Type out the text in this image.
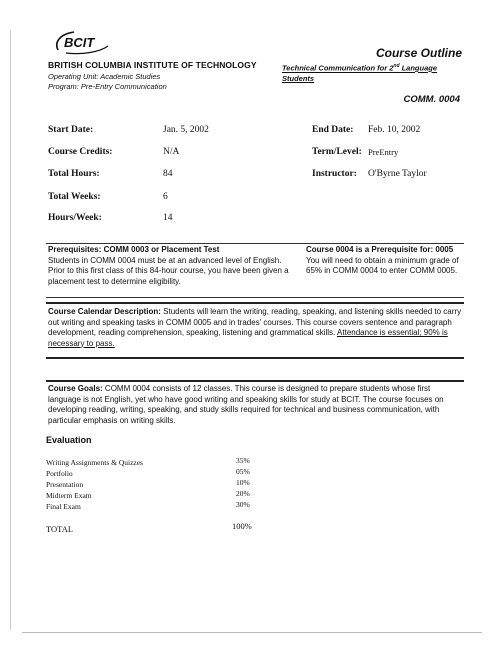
BCIT
BRITISH COLUMBIA INSTITUTE OF TECHNOLOGY
Operating Unit: Academic Studies
Program: Pre-Entry Communication
Course Outline
Technical Communication for 2nd Language
Students
COMM. 0004
Start Date:	Jan. 5, 2002	End Date: Feb. 10, 2002
Course Credits:	N/A	Term/Level: PreEntry
Total Hours:	84	Instructor: O'Byrne Taylor
Total Weeks:	6
Hours/Week:	14
Prerequisites: COMM 0003 or Placement Test
Students in COMM 0004 must be at an advanced level of English. Prior to this first class of this 84-hour course, you have been given a placement test to determine eligibility.
Course 0004 is a Prerequisite for: 0005
You will need to obtain a minimum grade of 65% in COMM 0004 to enter COMM 0005.
Course Calendar Description: Students will learn the writing, reading, speaking, and listening skills needed to carry out writing and speaking tasks in COMM 0005 and in trades' courses. This course covers sentence and paragraph development, reading comprehension, speaking, listening and grammatical skills. Attendance is essential; 90% is necessary to pass.
Course Goals: COMM 0004 consists of 12 classes. This course is designed to prepare students whose first language is not English, yet who have good writing and speaking skills for study at BCIT. The course focuses on developing reading, writing, speaking, and study skills required for technical and business communication, with particular emphasis on writing skills.
Evaluation
Writing Assignments & Quizzes	35%
Portfolio	05%
Presentation	10%
Midterm Exam	20%
Final Exam	30%
TOTAL	100%
